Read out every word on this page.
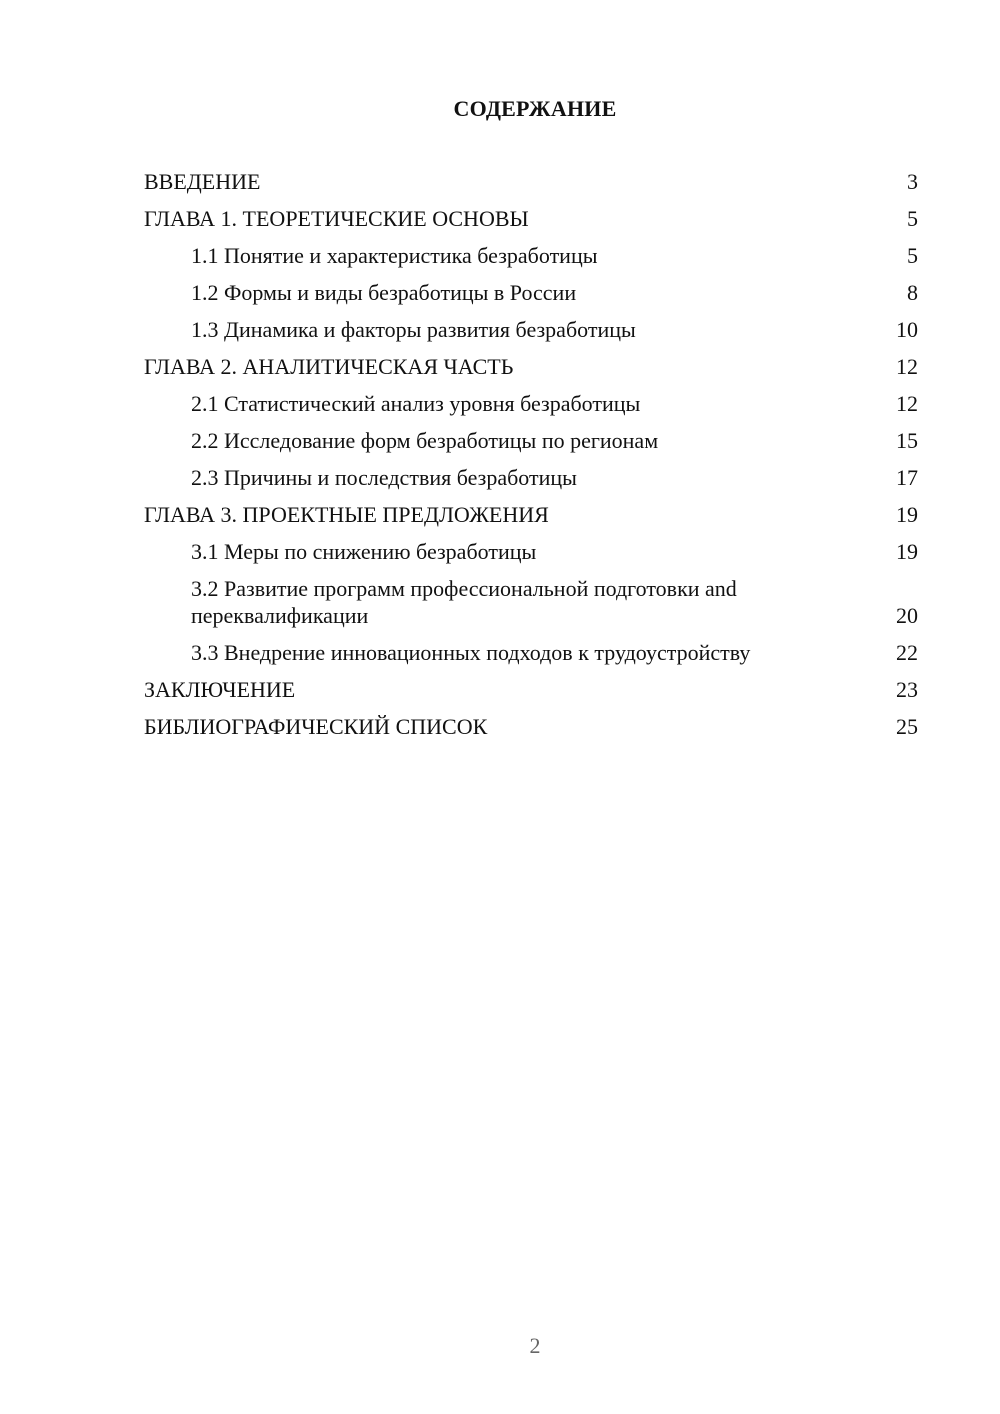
СОДЕРЖАНИЕ
ВВЕДЕНИЕ	3
ГЛАВА 1. ТЕОРЕТИЧЕСКИЕ ОСНОВЫ	5
1.1 Понятие и характеристика безработицы	5
1.2 Формы и виды безработицы в России	8
1.3 Динамика и факторы развития безработицы	10
ГЛАВА 2. АНАЛИТИЧЕСКАЯ ЧАСТЬ	12
2.1 Статистический анализ уровня безработицы	12
2.2 Исследование форм безработицы по регионам	15
2.3 Причины и последствия безработицы	17
ГЛАВА 3. ПРОЕКТНЫЕ ПРЕДЛОЖЕНИЯ	19
3.1 Меры по снижению безработицы	19
3.2 Развитие программ профессиональной подготовки and переквалификации	20
3.3 Внедрение инновационных подходов к трудоустройству	22
ЗАКЛЮЧЕНИЕ	23
БИБЛИОГРАФИЧЕСКИЙ СПИСОК	25
2
